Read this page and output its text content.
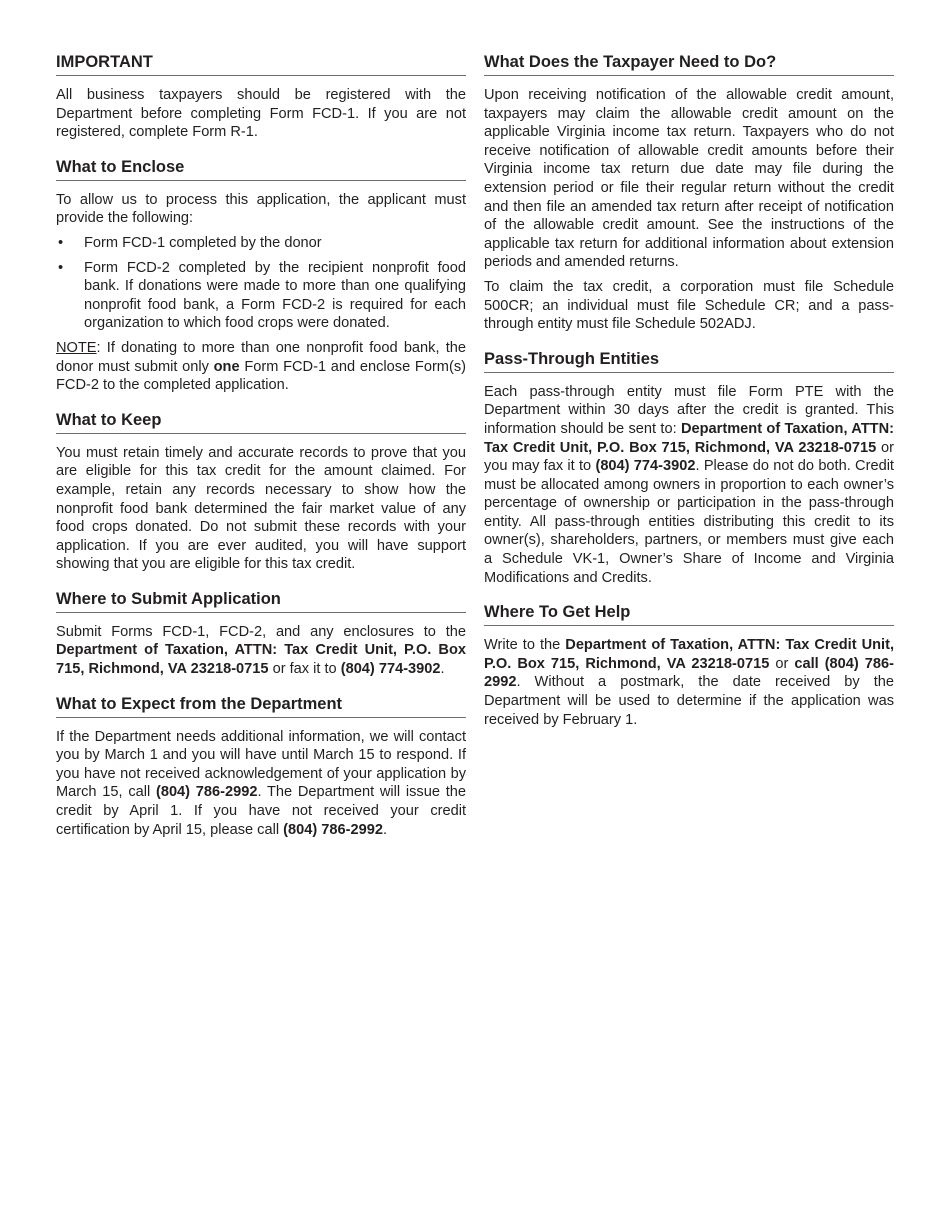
IMPORTANT

All business taxpayers should be registered with the Department before completing Form FCD-1. If you are not registered, complete Form R-1.

What to Enclose

To allow us to process this application, the applicant must provide the following:

• Form FCD-1 completed by the donor
• Form FCD-2 completed by the recipient nonprofit food bank. If donations were made to more than one qualifying nonprofit food bank, a Form FCD-2 is required for each organization to which food crops were donated.

NOTE: If donating to more than one nonprofit food bank, the donor must submit only one Form FCD-1 and enclose Form(s) FCD-2 to the completed application.

What to Keep

You must retain timely and accurate records to prove that you are eligible for this tax credit for the amount claimed. For example, retain any records necessary to show how the nonprofit food bank determined the fair market value of any food crops donated. Do not submit these records with your application. If you are ever audited, you will have support showing that you are eligible for this tax credit.

Where to Submit Application

Submit Forms FCD-1, FCD-2, and any enclosures to the Department of Taxation, ATTN: Tax Credit Unit, P.O. Box 715, Richmond, VA 23218-0715 or fax it to (804) 774-3902.

What to Expect from the Department

If the Department needs additional information, we will contact you by March 1 and you will have until March 15 to respond. If you have not received acknowledgement of your application by March 15, call (804) 786-2992. The Department will issue the credit by April 1. If you have not received your credit certification by April 15, please call (804) 786-2992.

What Does the Taxpayer Need to Do?

Upon receiving notification of the allowable credit amount, taxpayers may claim the allowable credit amount on the applicable Virginia income tax return. Taxpayers who do not receive notification of allowable credit amounts before their Virginia income tax return due date may file during the extension period or file their regular return without the credit and then file an amended tax return after receipt of notification of the allowable credit amount. See the instructions of the applicable tax return for additional information about extension periods and amended returns.

To claim the tax credit, a corporation must file Schedule 500CR; an individual must file Schedule CR; and a pass-through entity must file Schedule 502ADJ.

Pass-Through Entities

Each pass-through entity must file Form PTE with the Department within 30 days after the credit is granted. This information should be sent to: Department of Taxation, ATTN: Tax Credit Unit, P.O. Box 715, Richmond, VA 23218-0715 or you may fax it to (804) 774-3902. Please do not do both. Credit must be allocated among owners in proportion to each owner’s percentage of ownership or participation in the pass-through entity. All pass-through entities distributing this credit to its owner(s), shareholders, partners, or members must give each a Schedule VK-1, Owner’s Share of Income and Virginia Modifications and Credits.

Where To Get Help

Write to the Department of Taxation, ATTN: Tax Credit Unit, P.O. Box 715, Richmond, VA 23218-0715 or call (804) 786-2992. Without a postmark, the date received by the Department will be used to determine if the application was received by February 1.
